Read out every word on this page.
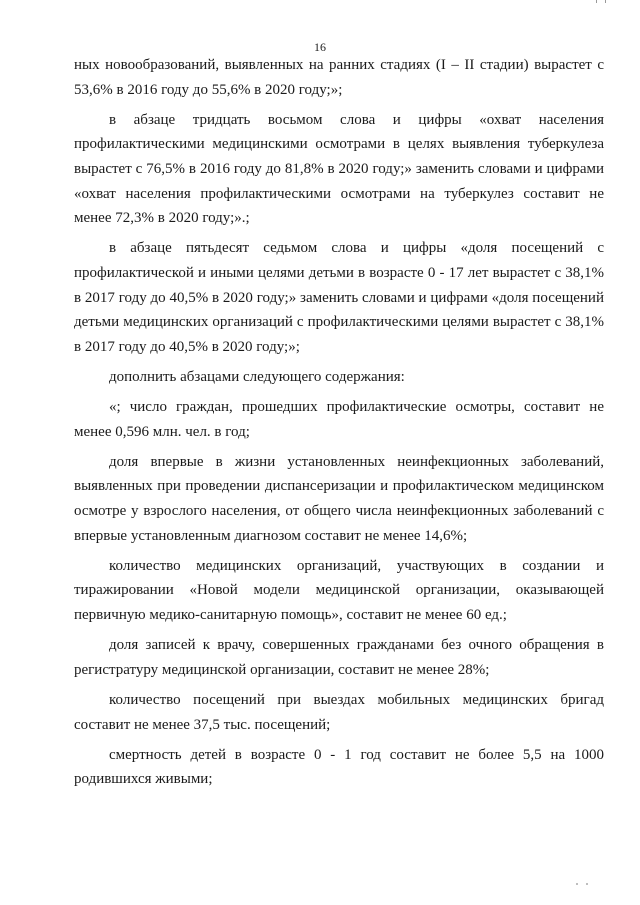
16

ных новообразований, выявленных на ранних стадиях (I – II стадии) вырастет с 53,6% в 2016 году до 55,6% в 2020 году;»;

в абзаце тридцать восьмом слова и цифры «охват населения профилактическими медицинскими осмотрами в целях выявления туберкулеза вырастет с 76,5% в 2016 году до 81,8% в 2020 году;» заменить словами и цифрами «охват населения профилактическими осмотрами на туберкулез составит не менее 72,3% в 2020 году;».;

в абзаце пятьдесят седьмом слова и цифры «доля посещений с профилактической и иными целями детьми в возрасте 0 - 17 лет вырастет с 38,1% в 2017 году до 40,5% в 2020 году;» заменить словами и цифрами «доля посещений детьми медицинских организаций с профилактическими целями вырастет с 38,1% в 2017 году до 40,5% в 2020 году;»;

дополнить абзацами следующего содержания:

«; число граждан, прошедших профилактические осмотры, составит не менее 0,596 млн. чел. в год;

доля впервые в жизни установленных неинфекционных заболеваний, выявленных при проведении диспансеризации и профилактическом медицинском осмотре у взрослого населения, от общего числа неинфекционных заболеваний с впервые установленным диагнозом составит не менее 14,6%;

количество медицинских организаций, участвующих в создании и тиражировании «Новой модели медицинской организации, оказывающей первичную медико-санитарную помощь», составит не менее 60 ед.;

доля записей к врачу, совершенных гражданами без очного обращения в регистратуру медицинской организации, составит не менее 28%;

количество посещений при выездах мобильных медицинских бригад составит не менее 37,5 тыс. посещений;

смертность детей в возрасте 0 - 1 год составит не более 5,5 на 1000 родившихся живыми;
